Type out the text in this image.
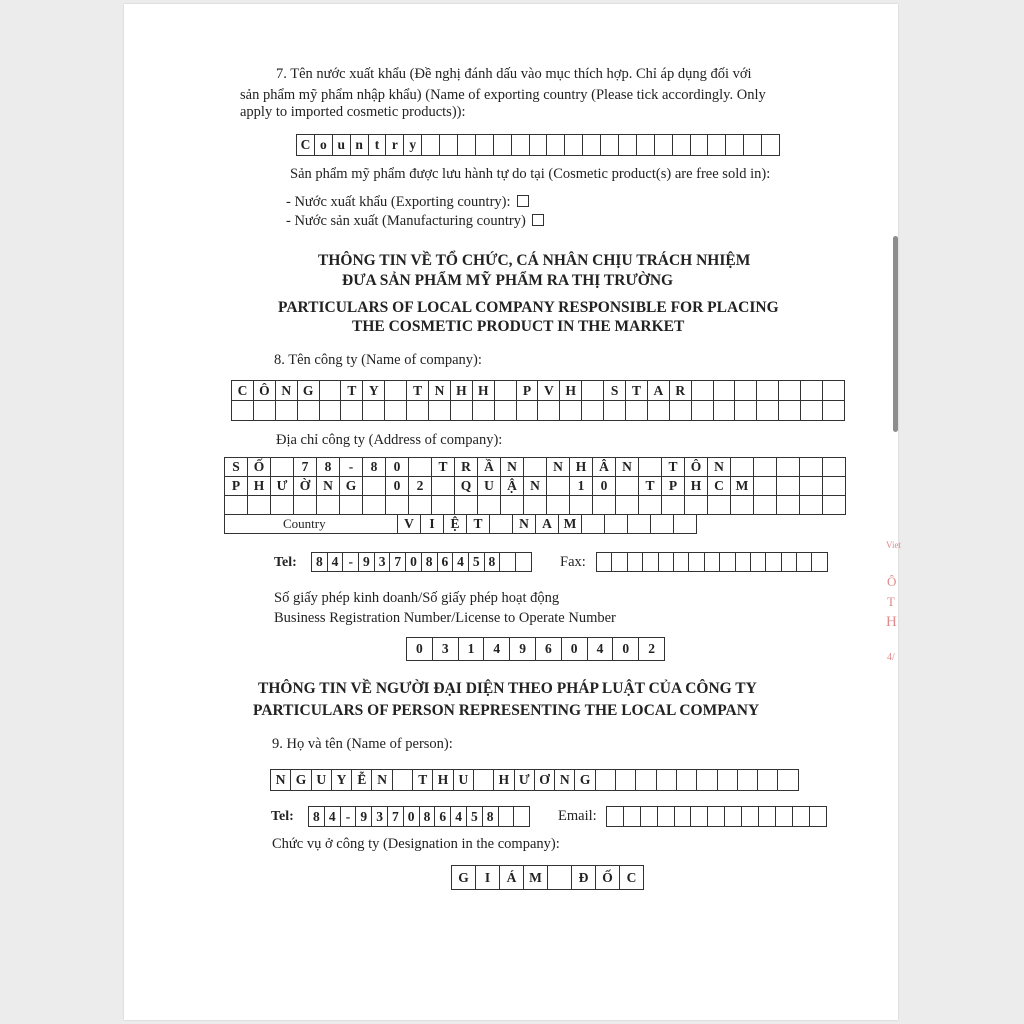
7. Tên nước xuất khẩu (Đề nghị đánh dấu vào mục thích hợp. Chỉ áp dụng đối với
sản phẩm mỹ phẩm nhập khẩu) (Name of exporting country (Please tick accordingly. Only
apply to imported cosmetic products)):
C o u n t r y
Sản phẩm mỹ phẩm được lưu hành tự do tại (Cosmetic product(s) are free sold in):
- Nước xuất khẩu (Exporting country):
- Nước sản xuất (Manufacturing country)
THÔNG TIN VỀ TỔ CHỨC, CÁ NHÂN CHỊU TRÁCH NHIỆM
ĐƯA SẢN PHẨM MỸ PHẨM RA THỊ TRƯỜNG
PARTICULARS OF LOCAL COMPANY RESPONSIBLE FOR PLACING
THE COSMETIC PRODUCT IN THE MARKET
8. Tên công ty (Name of company):
C Ô N G	T Y	T N H H	P V H	S	T A R
Địa chỉ công ty (Address of company):
S	Ố	7	8	-	8	0	T	R Ầ N	N H Â N	T Ô N
P	H Ư Ờ N G	0	2	Q U Ậ N	1	0	T	P	H C M
Country	V	I	Ệ	T	N A M
Tel: 8 4 - 9 3 7 0 8 6 4 5 8	Fax:
Số giấy phép kinh doanh/Số giấy phép hoạt động
Business Registration Number/License to Operate Number
0	3	1	4	9	6	0	4	0	2
THÔNG TIN VỀ NGƯỜI ĐẠI DIỆN THEO PHÁP LUẬT CỦA CÔNG TY
PARTICULARS OF PERSON REPRESENTING THE LOCAL COMPANY
9. Họ và tên (Name of person):
N G U Y Ễ N	T H U	H Ư Ơ N G
Tel: 8 4 - 9 3 7 0 8 6 4 5 8	Email:
Chức vụ ở công ty (Designation in the company):
G	I	Á M	Đ	Ố	C
Viet
Ô
T
H
4/
